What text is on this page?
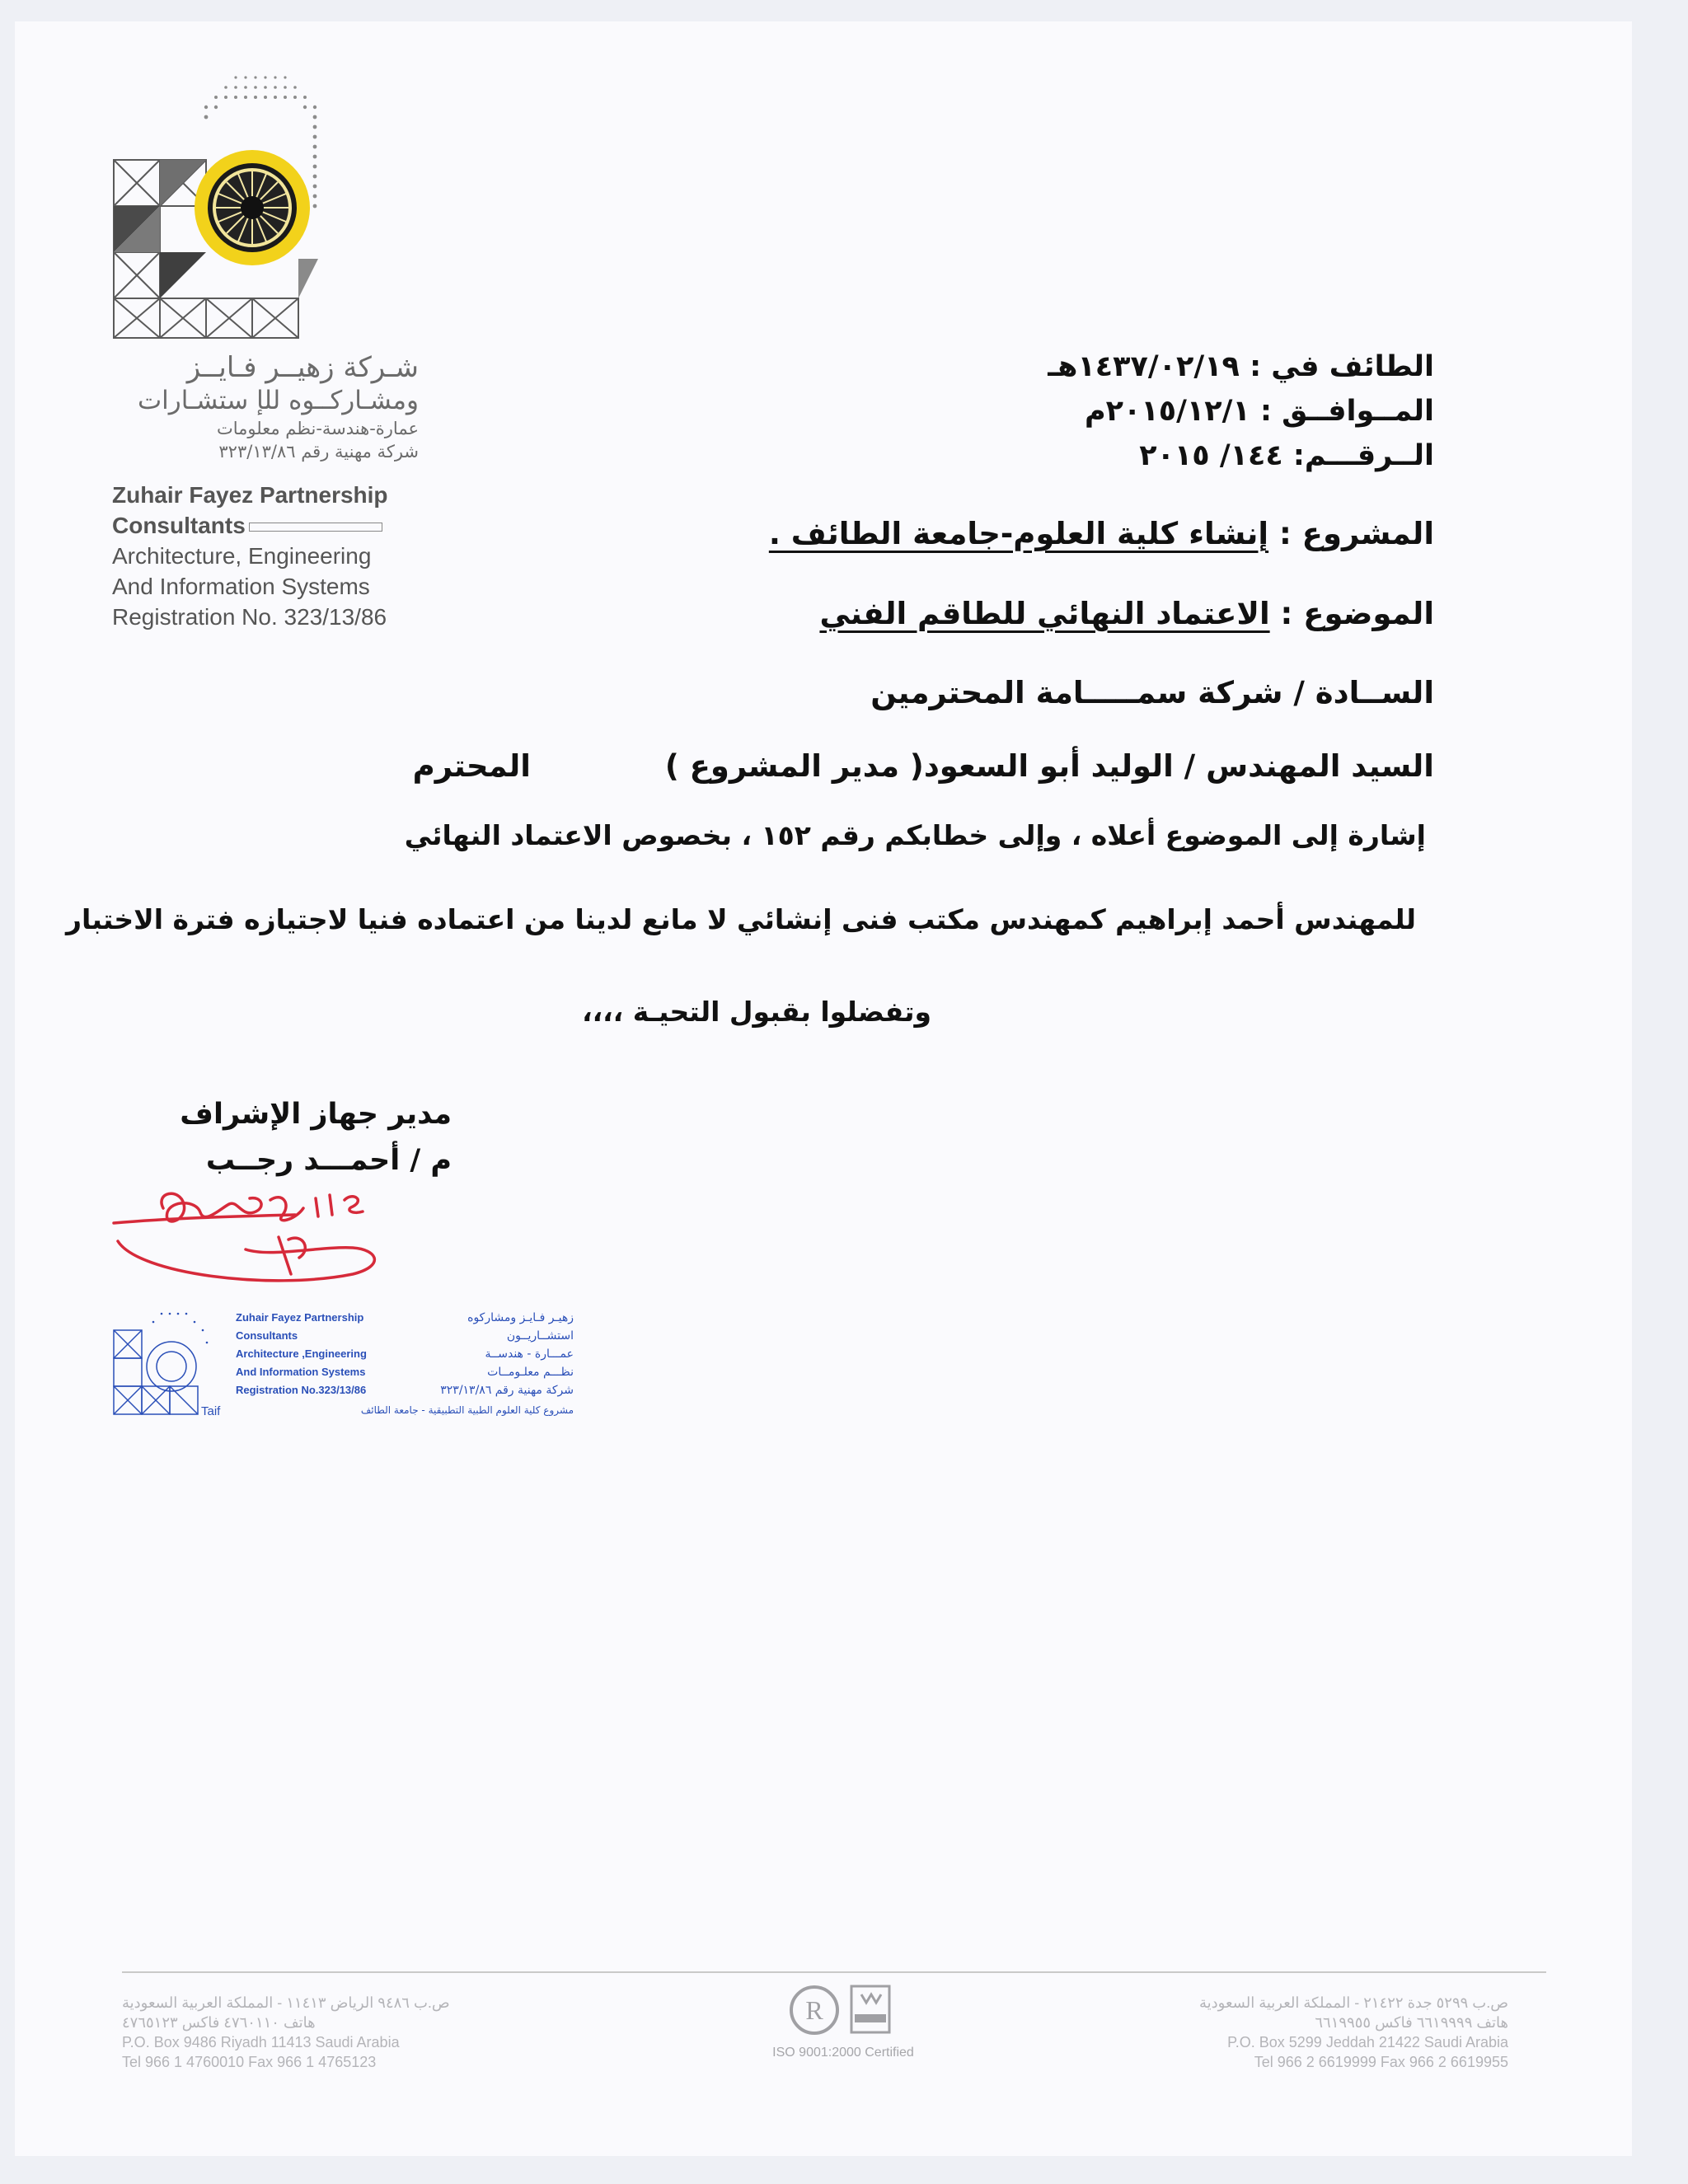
شـركة زهيــر فـايــز
ومشـاركــوه للإ ستشـارات
عمارة-هندسة-نظم معلومات
شركة مهنية رقم ٣٢٣/١٣/٨٦
Zuhair Fayez Partnership
Consultants
Architecture, Engineering
And Information Systems
Registration No. 323/13/86
الطائف في : ١٤٣٧/٠٢/١٩هـ
المــوافــق : ٢٠١٥/١٢/١م
الــرقـــم: ١٤٤/ ٢٠١٥
المشروع : إنشاء كلية العلوم-جامعة الطائف .
الموضوع : الاعتماد النهائي للطاقم الفني
الســادة / شركة سمـــــامة المحترمين
السيد المهندس / الوليد أبو السعود( مدير المشروع ) المحترم
إشارة إلى الموضوع أعلاه ، وإلى خطابكم رقم ١٥٢ ، بخصوص الاعتماد النهائي
للمهندس أحمد إبراهيم كمهندس مكتب فنى إنشائي لا مانع لدينا من اعتماده فنيا لاجتيازه فترة الاختبار
وتفضلوا بقبول التحيـة ،،،،
مدير جهاز الإشراف
م / أحمـــد رجــب
Zuhair Fayez Partnership
Consultants
Architecture ,Engineering
And Information Systems
Registration No.323/13/86
زهيـر فـايـز ومشاركوه
استشــاريــون
عمـــارة - هندســة
نظـــم معلـومــات
شركة مهنية رقم ٣٢٣/١٣/٨٦
Taif	مشروع كلية العلوم الطبية التطبيقية - جامعة الطائف
ص.ب ٩٤٨٦ الرياض ١١٤١٣ - المملكة العربية السعودية
هاتف ٤٧٦٠١١٠ فاكس ٤٧٦٥١٢٣
P.O. Box 9486 Riyadh 11413 Saudi Arabia
Tel 966 1 4760010 Fax 966 1 4765123
R
ISO 9001:2000 Certified
ص.ب ٥٢٩٩ جدة ٢١٤٢٢ - المملكة العربية السعودية
هاتف ٦٦١٩٩٩٩ فاكس ٦٦١٩٩٥٥
P.O. Box 5299 Jeddah 21422 Saudi Arabia
Tel 966 2 6619999 Fax 966 2 6619955
